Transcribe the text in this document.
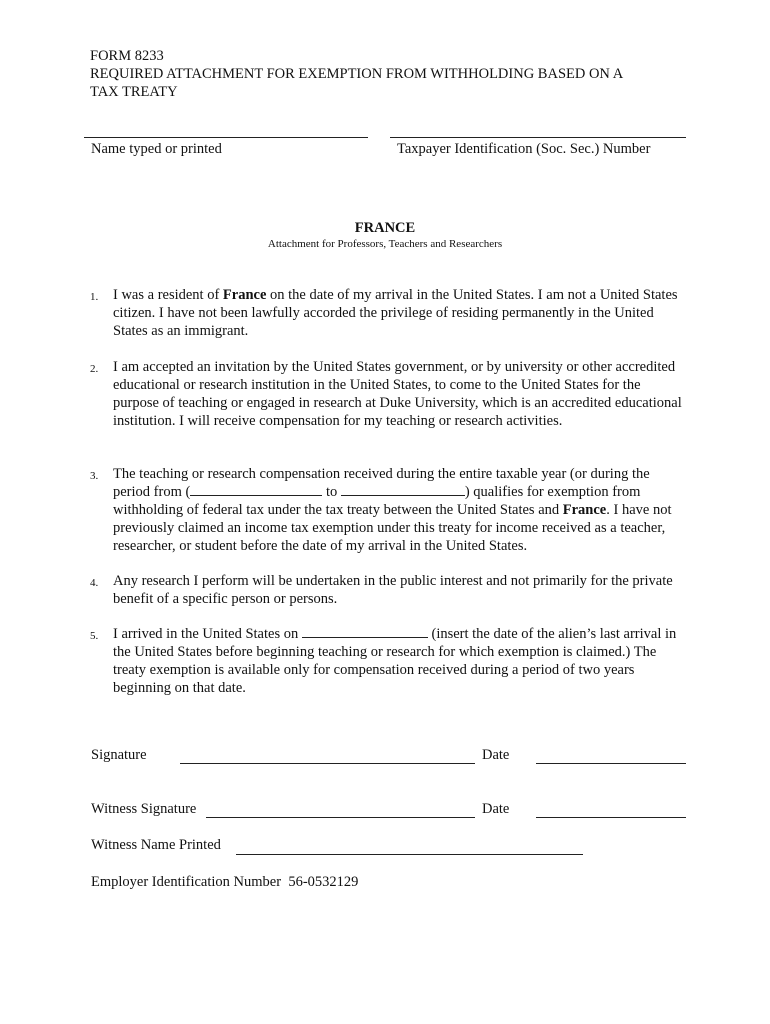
FORM 8233
REQUIRED ATTACHMENT FOR EXEMPTION FROM WITHHOLDING BASED ON A
TAX TREATY
Name typed or printed	Taxpayer Identification (Soc. Sec.) Number
FRANCE
Attachment for Professors, Teachers and Researchers
1. I was a resident of France on the date of my arrival in the United States. I am not a United States citizen. I have not been lawfully accorded the privilege of residing permanently in the United States as an immigrant.
2. I am accepted an invitation by the United States government, or by university or other accredited educational or research institution in the United States, to come to the United States for the purpose of teaching or engaged in research at Duke University, which is an accredited educational institution. I will receive compensation for my teaching or research activities.
3. The teaching or research compensation received during the entire taxable year (or during the period from (	to	) qualifies for exemption from withholding of federal tax under the tax treaty between the United States and France. I have not previously claimed an income tax exemption under this treaty for income received as a teacher, researcher, or student before the date of my arrival in the United States.
4. Any research I perform will be undertaken in the public interest and not primarily for the private benefit of a specific person or persons.
5. I arrived in the United States on	(insert the date of the alien’s last arrival in the United States before beginning teaching or research for which exemption is claimed.) The treaty exemption is available only for compensation received during a period of two years beginning on that date.
Signature	Date
Witness Signature	Date
Witness Name Printed
Employer Identification Number 56-0532129
